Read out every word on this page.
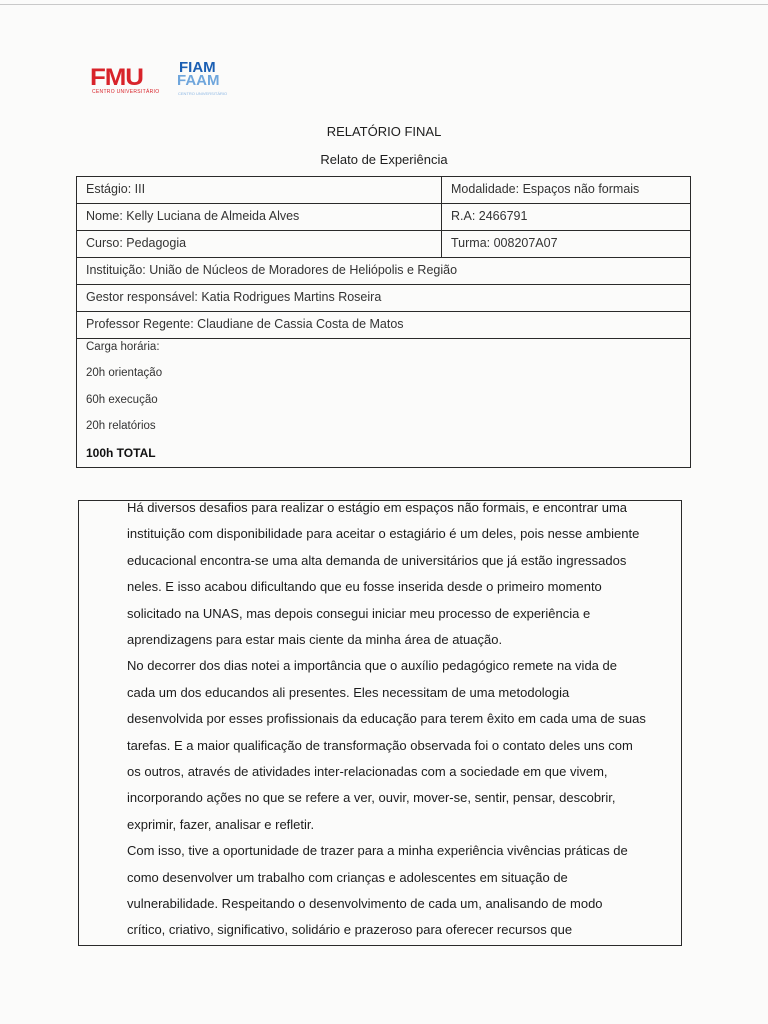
FMU
CENTRO UNIVERSITÁRIO
FIAM
FAAM
CENTRO UNIVERSITÁRIO
RELATÓRIO FINAL
Relato de Experiência
Estágio: III	Modalidade: Espaços não formais
Nome: Kelly Luciana de Almeida Alves	R.A: 2466791
Curso: Pedagogia	Turma: 008207A07
Instituição: União de Núcleos de Moradores de Heliópolis e Região
Gestor responsável: Katia Rodrigues Martins Roseira
Professor Regente: Claudiane de Cassia Costa de Matos
Carga horária:
20h orientação
60h execução
20h relatórios
100h TOTAL
Há diversos desafios para realizar o estágio em espaços não formais, e encontrar uma
instituição com disponibilidade para aceitar o estagiário é um deles, pois nesse ambiente
educacional encontra-se uma alta demanda de universitários que já estão ingressados
neles. E isso acabou dificultando que eu fosse inserida desde o primeiro momento
solicitado na UNAS, mas depois consegui iniciar meu processo de experiência e
aprendizagens para estar mais ciente da minha área de atuação.
No decorrer dos dias notei a importância que o auxílio pedagógico remete na vida de
cada um dos educandos ali presentes. Eles necessitam de uma metodologia
desenvolvida por esses profissionais da educação para terem êxito em cada uma de suas
tarefas. E a maior qualificação de transformação observada foi o contato deles uns com
os outros, através de atividades inter-relacionadas com a sociedade em que vivem,
incorporando ações no que se refere a ver, ouvir, mover-se, sentir, pensar, descobrir,
exprimir, fazer, analisar e refletir.
Com isso, tive a oportunidade de trazer para a minha experiência vivências práticas de
como desenvolver um trabalho com crianças e adolescentes em situação de
vulnerabilidade. Respeitando o desenvolvimento de cada um, analisando de modo
crítico, criativo, significativo, solidário e prazeroso para oferecer recursos que
